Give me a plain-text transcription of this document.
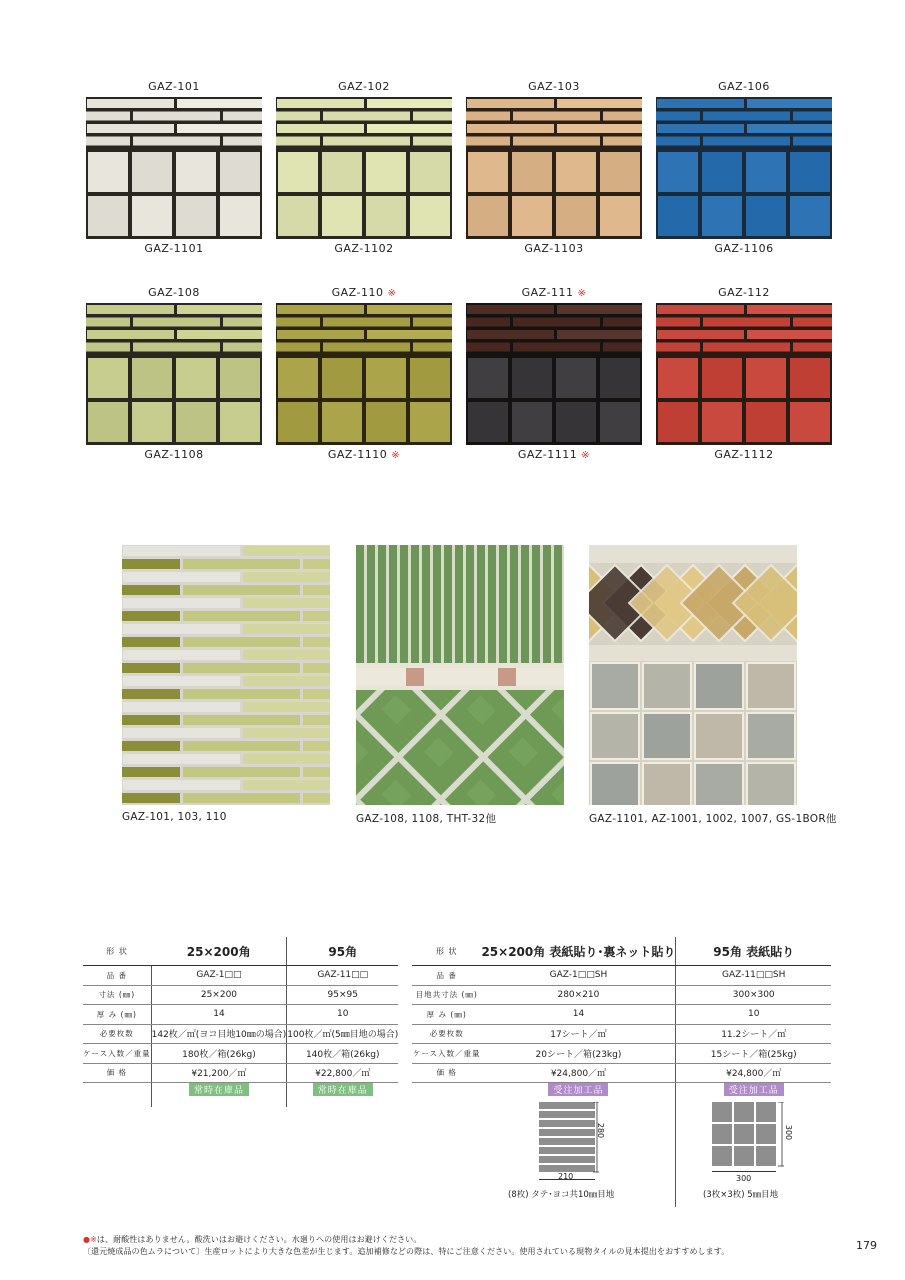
GAZ-101
GAZ-1101
GAZ-102
GAZ-1102
GAZ-103
GAZ-1103
GAZ-106
GAZ-1106
GAZ-108
GAZ-1108
GAZ-110 ※
GAZ-1110 ※
GAZ-111 ※
GAZ-1111 ※
GAZ-112
GAZ-1112
GAZ-101, 103, 110	GAZ-108, 1108, THT-32他	GAZ-1101, AZ-1001, 1002, 1007, GS-1BOR他
形 状	25×200角	95角
品 番	GAZ-1□□	GAZ-11□□
寸法 (㎜)	25×200	95×95
厚 み (㎜)	14	10
必要枚数	142枚／㎡(ヨコ目地10㎜の場合)	100枚／㎡(5㎜目地の場合)
ケース入数／重量	180枚／箱(26kg)	140枚／箱(26kg)
価 格	¥21,200／㎡	¥22,800／㎡
	常時在庫品	常時在庫品
形 状	25×200角 表紙貼り･裏ネット貼り	95角 表紙貼り
品 番	GAZ-1□□SH	GAZ-11□□SH
目地共寸法 (㎜)	280×210	300×300
厚 み (㎜)	14	10
必要枚数	17シート／㎡	11.2シート／㎡
ケース入数／重量	20シート／箱(23kg)	15シート／箱(25kg)
価 格	¥24,800／㎡	¥24,800／㎡
	受注加工品	受注加工品
280
210
(8枚) タテ･ヨコ共10㎜目地
300
300
(3枚×3枚) 5㎜目地
●※は、耐酸性はありません。酸洗いはお避けください。水廻りへの使用はお避けください。
〔還元焼成品の色ムラについて〕生産ロットにより大きな色差が生じます。追加補修などの際は、特にご注意ください。使用されている現物タイルの見本提出をおすすめします。	179
